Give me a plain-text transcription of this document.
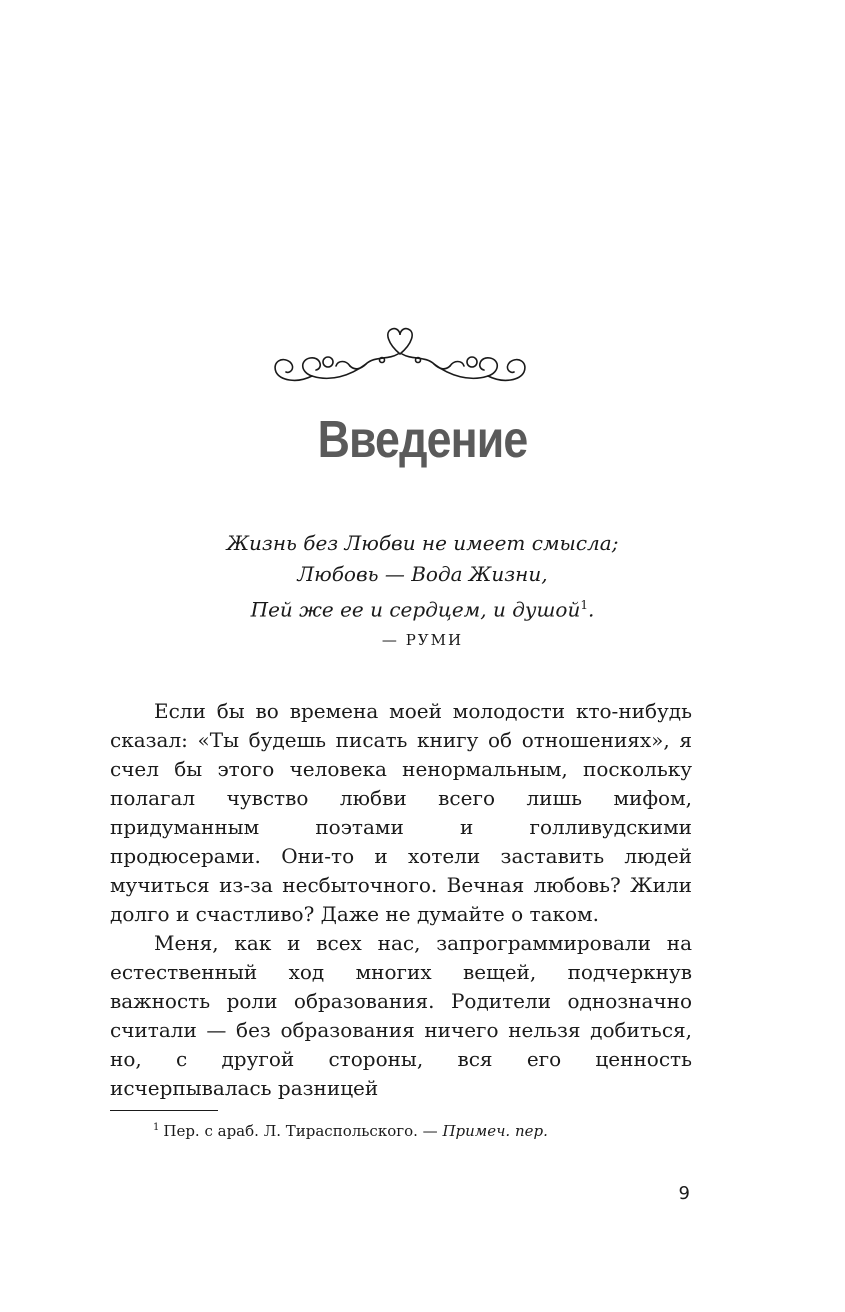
Введение
Жизнь без Любви не имеет смысла;
Любовь — Вода Жизни,
Пей же ее и сердцем, и душой$^1$.
— РУМИ

Если бы во времена моей молодости кто-нибудь сказал: «Ты будешь писать книгу об отношениях», я счел бы этого человека ненормальным, поскольку полагал чувство любви всего лишь мифом, придуманным поэтами и голливудскими продюсерами. Они-то и хотели заставить людей мучиться из-за несбыточного. Вечная любовь? Жили долго и счастливо? Даже не думайте о таком.

Меня, как и всех нас, запрограммировали на естественный ход многих вещей, подчеркнув важность роли образования. Родители однозначно считали — без образования ничего нельзя добиться, но, с другой стороны, вся его ценность исчерпывалась разницей

$^1$ Пер. с араб. Л. Тираспольского. — Примеч. пер.
9
